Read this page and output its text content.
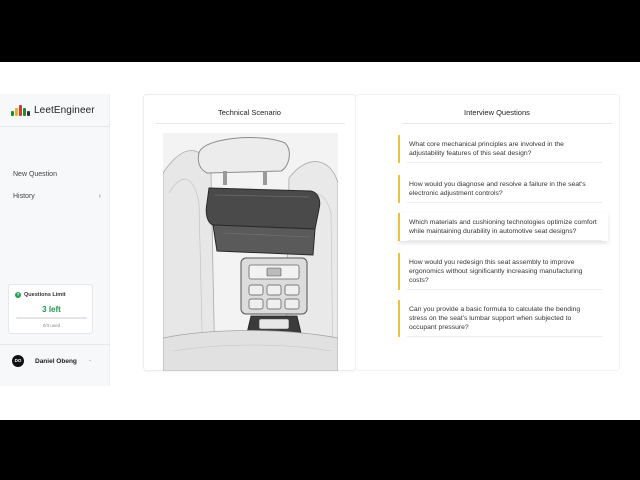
LeetEngineer
New Question
History	›
? Questions Limit
3 left
0/3 used
DO	Daniel Obeng ⌄
Technical Scenario	Interview Questions
What core mechanical principles are involved in the adjustability features of this seat design?
How would you diagnose and resolve a failure in the seat's electronic adjustment controls?
Which materials and cushioning technologies optimize comfort while maintaining durability in automotive seat designs?
How would you redesign this seat assembly to improve ergonomics without significantly increasing manufacturing costs?
Can you provide a basic formula to calculate the bending stress on the seat's lumbar support when subjected to occupant pressure?
